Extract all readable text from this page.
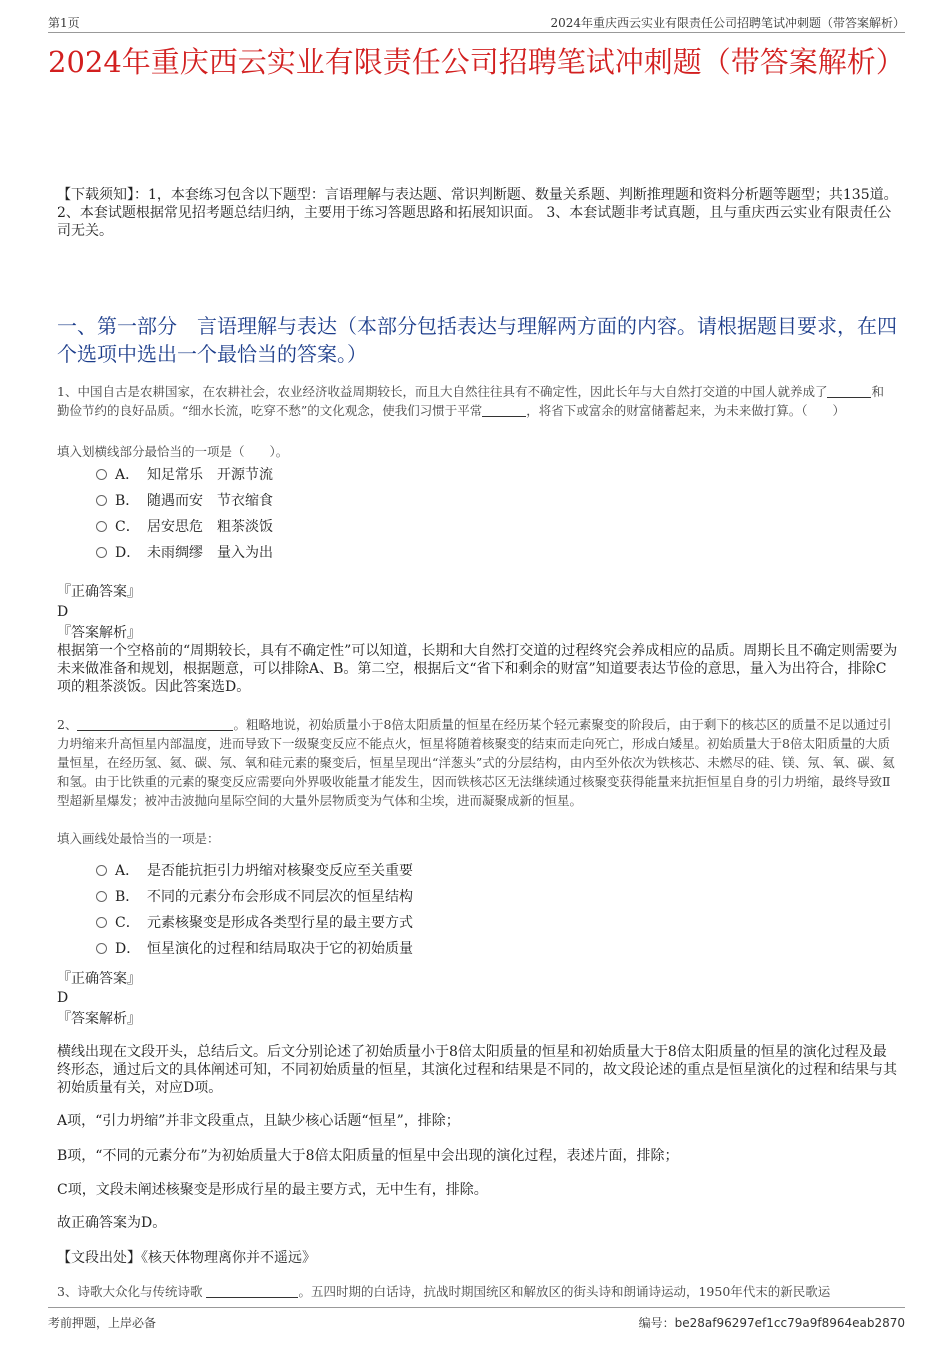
第1页	2024年重庆西云实业有限责任公司招聘笔试冲刺题（带答案解析）
2024年重庆西云实业有限责任公司招聘笔试冲刺题（带答案解析）
【下载须知】：1，本套练习包含以下题型：言语理解与表达题、常识判断题、数量关系题、判断推理题和资料分析题等题型；共135道。 2、本套试题根据常见招考题总结归纳，主要用于练习答题思路和拓展知识面。 3、本套试题非考试真题，且与重庆西云实业有限责任公司无关。
一、第一部分　言语理解与表达（本部分包括表达与理解两方面的内容。请根据题目要求，在四个选项中选出一个最恰当的答案。）
1、中国自古是农耕国家，在农耕社会，农业经济收益周期较长，而且大自然往往具有不确定性，因此长年与大自然打交道的中国人就养成了	和勤俭节约的良好品质。“细水长流，吃穿不愁”的文化观念，使我们习惯于平常	，将省下或富余的财富储蓄起来，为未来做打算。（　　）
填入划横线部分最恰当的一项是（　　）。
A． 知足常乐　开源节流
B． 随遇而安　节衣缩食
C． 居安思危　粗茶淡饭
D． 未雨绸缪　量入为出
『正确答案』
D
『答案解析』
根据第一个空格前的“周期较长，具有不确定性”可以知道，长期和大自然打交道的过程终究会养成相应的品质。周期长且不确定则需要为未来做准备和规划，根据题意，可以排除A、B。第二空，根据后文“省下和剩余的财富”知道要表达节俭的意思，量入为出符合，排除C项的粗茶淡饭。因此答案选D。
2、	。粗略地说，初始质量小于8倍太阳质量的恒星在经历某个轻元素聚变的阶段后，由于剩下的核芯区的质量不足以通过引力坍缩来升高恒星内部温度，进而导致下一级聚变反应不能点火，恒星将随着核聚变的结束而走向死亡，形成白矮星。初始质量大于8倍太阳质量的大质量恒星，在经历氢、氦、碳、氖、氧和硅元素的聚变后，恒星呈现出“洋葱头”式的分层结构，由内至外依次为铁核芯、未燃尽的硅、镁、氖、氧、碳、氦和氢。由于比铁重的元素的聚变反应需要向外界吸收能量才能发生，因而铁核芯区无法继续通过核聚变获得能量来抗拒恒星自身的引力坍缩，最终导致Ⅱ型超新星爆发；被冲击波抛向星际空间的大量外层物质变为气体和尘埃，进而凝聚成新的恒星。
填入画线处最恰当的一项是：
A． 是否能抗拒引力坍缩对核聚变反应至关重要
B． 不同的元素分布会形成不同层次的恒星结构
C． 元素核聚变是形成各类型行星的最主要方式
D． 恒星演化的过程和结局取决于它的初始质量
『正确答案』
D
『答案解析』
横线出现在文段开头，总结后文。后文分别论述了初始质量小于8倍太阳质量的恒星和初始质量大于8倍太阳质量的恒星的演化过程及最终形态，通过后文的具体阐述可知，不同初始质量的恒星，其演化过程和结果是不同的，故文段论述的重点是恒星演化的过程和结果与其初始质量有关，对应D项。
A项，“引力坍缩”并非文段重点，且缺少核心话题“恒星”，排除；
B项，“不同的元素分布”为初始质量大于8倍太阳质量的恒星中会出现的演化过程，表述片面，排除；
C项，文段未阐述核聚变是形成行星的最主要方式，无中生有，排除。
故正确答案为D。
【文段出处】《核天体物理离你并不遥远》
3、诗歌大众化与传统诗歌	。五四时期的白话诗，抗战时期国统区和解放区的街头诗和朗诵诗运动，1950年代末的新民歌运
考前押题，上岸必备	编号：be28af96297ef1cc79a9f8964eab2870
